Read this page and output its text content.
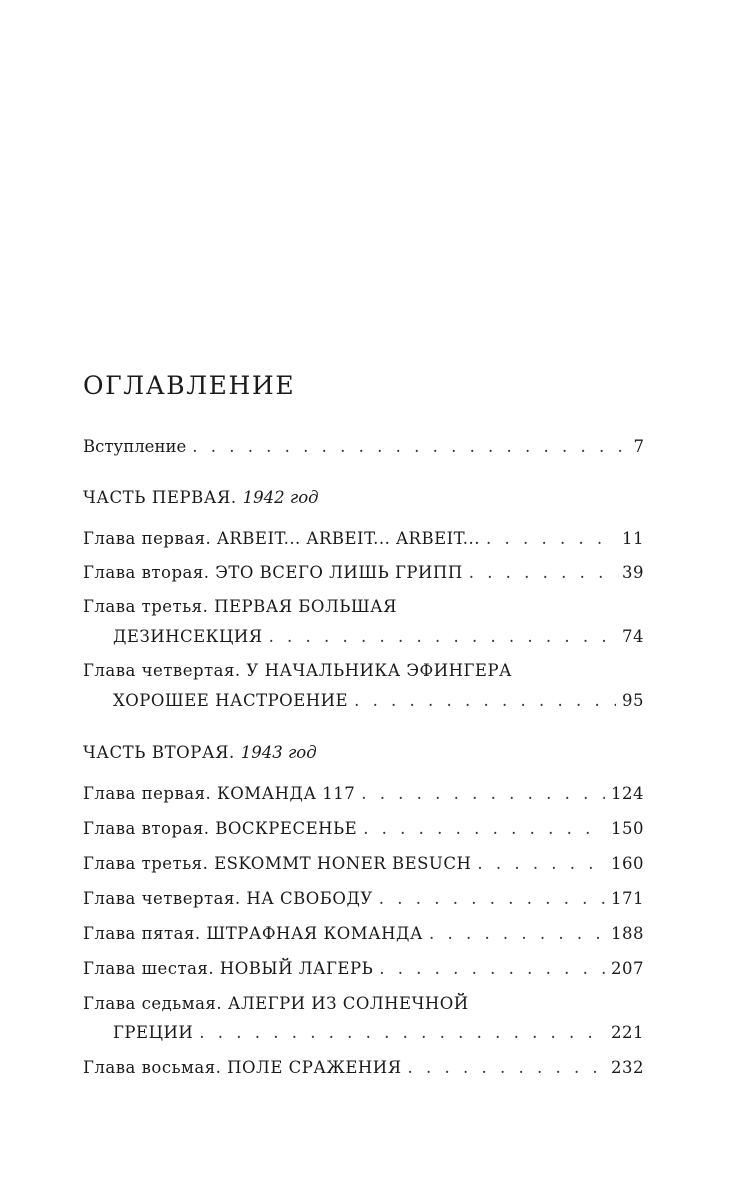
ОГЛАВЛЕНИЕ
Вступление . . .	7
ЧАСТЬ ПЕРВАЯ. 1942 год
Глава первая. ARBEIT... ARBEIT... ARBEIT... . . .	11
Глава вторая. ЭТО ВСЕГО ЛИШЬ ГРИПП . . .	39
Глава третья. ПЕРВАЯ БОЛЬШАЯ
ДЕЗИНСЕКЦИЯ . . .	74
Глава четвертая. У НАЧАЛЬНИКА ЭФИНГЕРА
ХОРОШЕЕ НАСТРОЕНИЕ . . .	95
ЧАСТЬ ВТОРАЯ. 1943 год
Глава первая. КОМАНДА 117 . . .	124
Глава вторая. ВОСКРЕСЕНЬЕ . . .	150
Глава третья. ESKOMMT HONER BESUCH . . .	160
Глава четвертая. НА СВОБОДУ . . .	171
Глава пятая. ШТРАФНАЯ КОМАНДА . . .	188
Глава шестая. НОВЫЙ ЛАГЕРЬ . . .	207
Глава седьмая. АЛЕГРИ ИЗ СОЛНЕЧНОЙ
ГРЕЦИИ . . .	221
Глава восьмая. ПОЛЕ СРАЖЕНИЯ . . .	232
